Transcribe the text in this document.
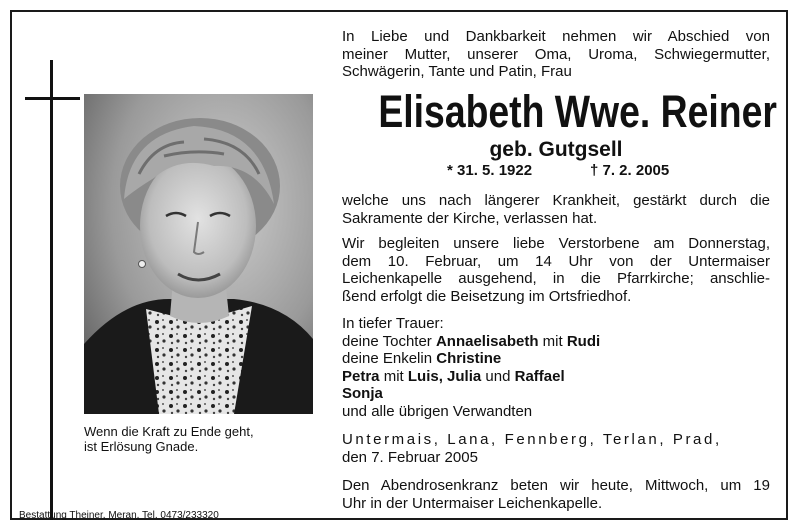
Wenn die Kraft zu Ende geht,
ist Erlösung Gnade.
Bestattung Theiner, Meran, Tel. 0473/233320
In Liebe und Dankbarkeit nehmen wir Abschied von
meiner Mutter, unserer Oma, Uroma, Schwiegermutter,
Schwägerin, Tante und Patin, Frau
Elisabeth Wwe. Reiner
geb. Gutgsell
* 31. 5. 1922	† 7. 2. 2005
welche uns nach längerer Krankheit, gestärkt durch die
Sakramente der Kirche, verlassen hat.
Wir begleiten unsere liebe Verstorbene am Donnerstag,
dem 10. Februar, um 14 Uhr von der Untermaiser
Leichenkapelle ausgehend, in die Pfarrkirche; anschlie-
ßend erfolgt die Beisetzung im Ortsfriedhof.
In tiefer Trauer:
deine Tochter Annaelisabeth mit Rudi
deine Enkelin Christine
Petra mit Luis, Julia und Raffael
Sonja
und alle übrigen Verwandten
Untermais, Lana, Fennberg, Terlan, Prad,
den 7. Februar 2005
Den Abendrosenkranz beten wir heute, Mittwoch, um 19
Uhr in der Untermaiser Leichenkapelle.
